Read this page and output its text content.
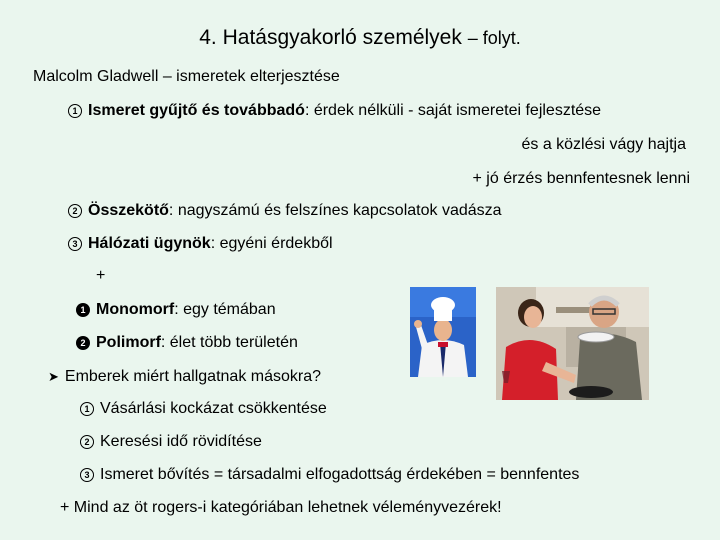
4. Hatásgyakorló személyek – folyt.
Malcolm Gladwell – ismeretek elterjesztése
1 Ismeret gyűjtő és továbbadó: érdek nélküli - saját ismeretei fejlesztése
és a közlési vágy hajtja
+ jó érzés bennfentesnek lenni
2 Összekötő: nagyszámú és felszínes kapcsolatok vadásza
3 Hálózati ügynök: egyéni érdekből
+
1 Monomorf: egy témában
2 Polimorf: élet több területén
➤ Emberek miért hallgatnak másokra?
1 Vásárlási kockázat csökkentése
2 Keresési idő rövidítése
3 Ismeret bővítés = társadalmi elfogadottság érdekében = bennfentes
+ Mind az öt rogers-i kategóriában lehetnek véleményvezérek!
